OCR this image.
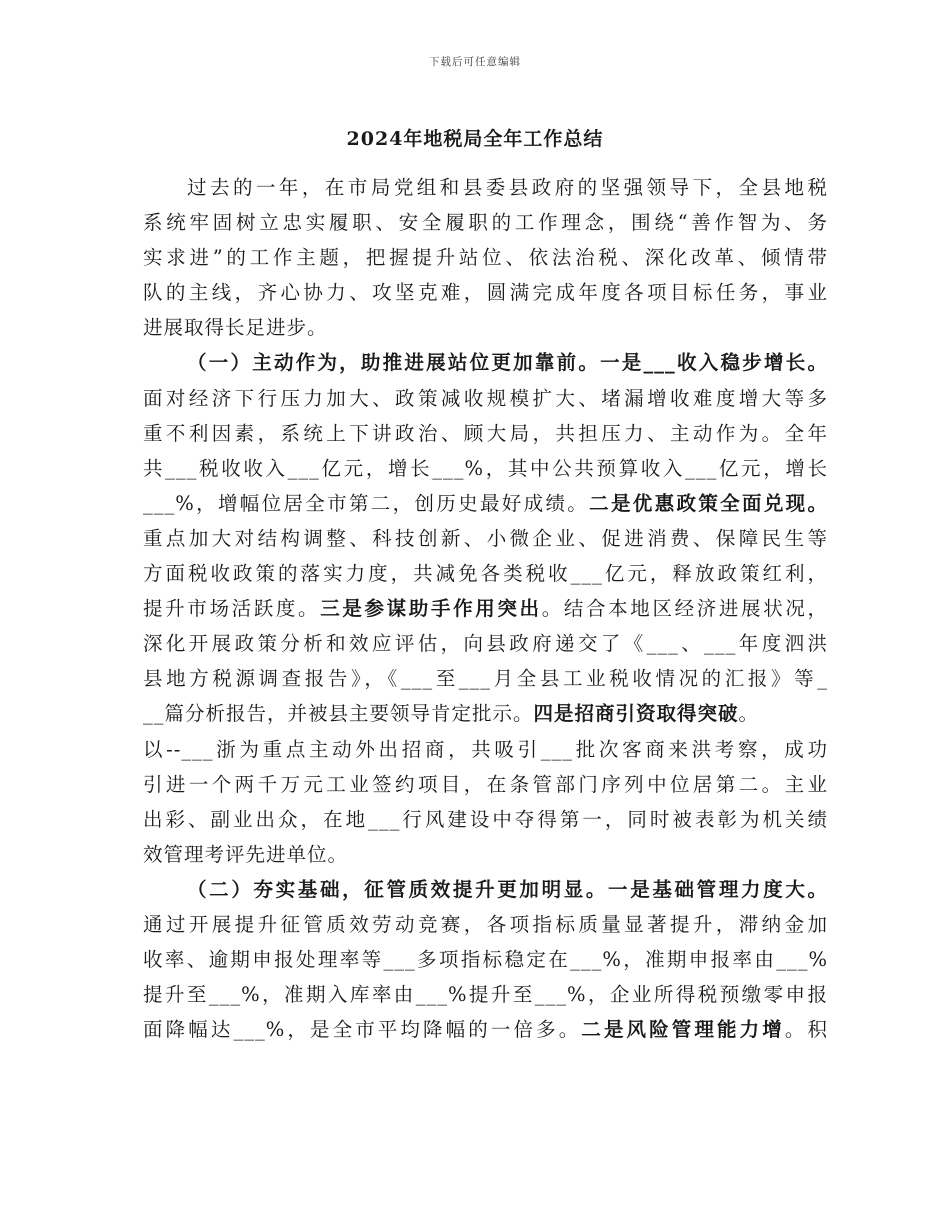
下载后可任意编辑
2024年地税局全年工作总结
过去的一年，在市局党组和县委县政府的坚强领导下，全县地税
系统牢固树立忠实履职、安全履职的工作理念，围绕“善作智为、务
实求进”的工作主题，把握提升站位、依法治税、深化改革、倾情带
队的主线，齐心协力、攻坚克难，圆满完成年度各项目标任务，事业
进展取得长足进步。
（一）主动作为，助推进展站位更加靠前。一是___收入稳步增长。
面对经济下行压力加大、政策减收规模扩大、堵漏增收难度增大等多
重不利因素，系统上下讲政治、顾大局，共担压力、主动作为。全年
共___税收收入___亿元，增长___%，其中公共预算收入___亿元，增长
___%，增幅位居全市第二，创历史最好成绩。二是优惠政策全面兑现。
重点加大对结构调整、科技创新、小微企业、促进消费、保障民生等
方面税收政策的落实力度，共减免各类税收___亿元，释放政策红利，
提升市场活跃度。三是参谋助手作用突出。结合本地区经济进展状况，
深化开展政策分析和效应评估，向县政府递交了《___、___年度泗洪
县地方税源调查报告》，《___至___月全县工业税收情况的汇报》等_
__篇分析报告，并被县主要领导肯定批示。四是招商引资取得突破。
以--___浙为重点主动外出招商，共吸引___批次客商来洪考察，成功
引进一个两千万元工业签约项目，在条管部门序列中位居第二。主业
出彩、副业出众，在地___行风建设中夺得第一，同时被表彰为机关绩
效管理考评先进单位。
（二）夯实基础，征管质效提升更加明显。一是基础管理力度大。
通过开展提升征管质效劳动竞赛，各项指标质量显著提升，滞纳金加
收率、逾期申报处理率等___多项指标稳定在___%，准期申报率由___%
提升至___%，准期入库率由___%提升至___%，企业所得税预缴零申报
面降幅达___%，是全市平均降幅的一倍多。二是风险管理能力增。积
